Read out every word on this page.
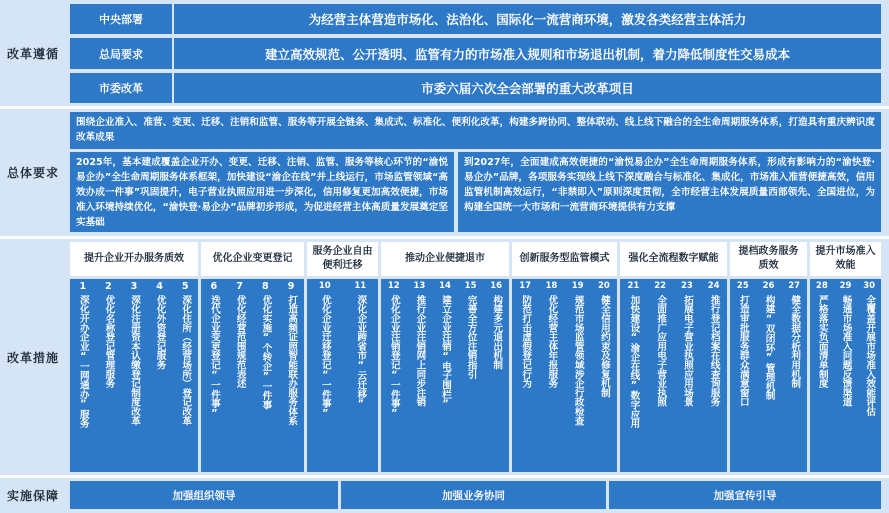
改革遵循
中央部署	为经营主体营造市场化、法治化、国际化一流营商环境，激发各类经营主体活力
总局要求	建立高效规范、公开透明、监管有力的市场准入规则和市场退出机制，着力降低制度性交易成本
市委改革	市委六届六次全会部署的重大改革项目
总体要求
围绕企业准入、准营、变更、迁移、注销和监管、服务等开展全链条、集成式、标准化、便利化改革，构建多跨协同、整体联动、线上线下融合的全生命周期服务体系，打造具有重庆辨识度改革成果
2025年，基本建成覆盖企业开办、变更、迁移、注销、监管、服务等核心环节的“渝悦易企办”全生命周期服务体系框架，加快建设“渝企在线”并上线运行，市场监管领域“高效办成一件事”巩固提升，电子营业执照应用进一步深化，信用修复更加高效便捷，市场准入环境持续优化，“渝快登·易企办”品牌初步形成，为促进经营主体高质量发展奠定坚实基础
到2027年，全面建成高效便捷的“渝悦易企办”全生命周期服务体系，形成有影响力的“渝快登·易企办”品牌，各项服务实现线上线下深度融合与标准化、集成化，市场准入准营便捷高效，信用监管机制高效运行，“非禁即入”原则深度贯彻，全市经营主体发展质量西部领先、全国进位，为构建全国统一大市场和一流营商环境提供有力支撑
改革措施
提升企业开办服务质效
1
深化开办企业“一网通办”服务
2
优化名称登记管理服务
3
深化注册资本认缴登记制度改革
4
优化外资登记服务
5
深化住所（经营场所）登记改革
优化企业变更登记
6
迭代企业变更登记“一件事”
7
优化经营范围规范表述
8
优化实施“个转企”一件事
9
打造高频证照智能联办服务体系
服务企业自由便利迁移
10
优化企业迁移登记“一件事”
11
深化企业跨省市“云迁移”
推动企业便捷退市
12
优化企业注销登记“一件事”
13
推行企业注销网上同步注销
14
建立企业注销“电子围栏”
15
完善全方位注销指引
16
构建多元退出机制
创新服务型监管模式
17
防范打击虚假登记行为
18
优化经营主体年报服务
19
规范市场监管领域涉企行政检查
20
健全信用约束及修复机制
强化全流程数字赋能
21
加快建设“渝企在线”数字应用
22
全面推广应用电子营业执照
23
拓展电子营业执照应用场景
24
推行登记档案在线查询服务
提档政务服务质效
25
打造审批服务群众满意窗口
26
构建“双闭环”管理机制
27
健全数据分析利用机制
提升市场准入效能
28
严格落实负面清单制度
29
畅通市场准入问题反馈渠道
30
全覆盖开展市场准入效能评估
实施保障	加强组织领导	加强业务协同	加强宣传引导
